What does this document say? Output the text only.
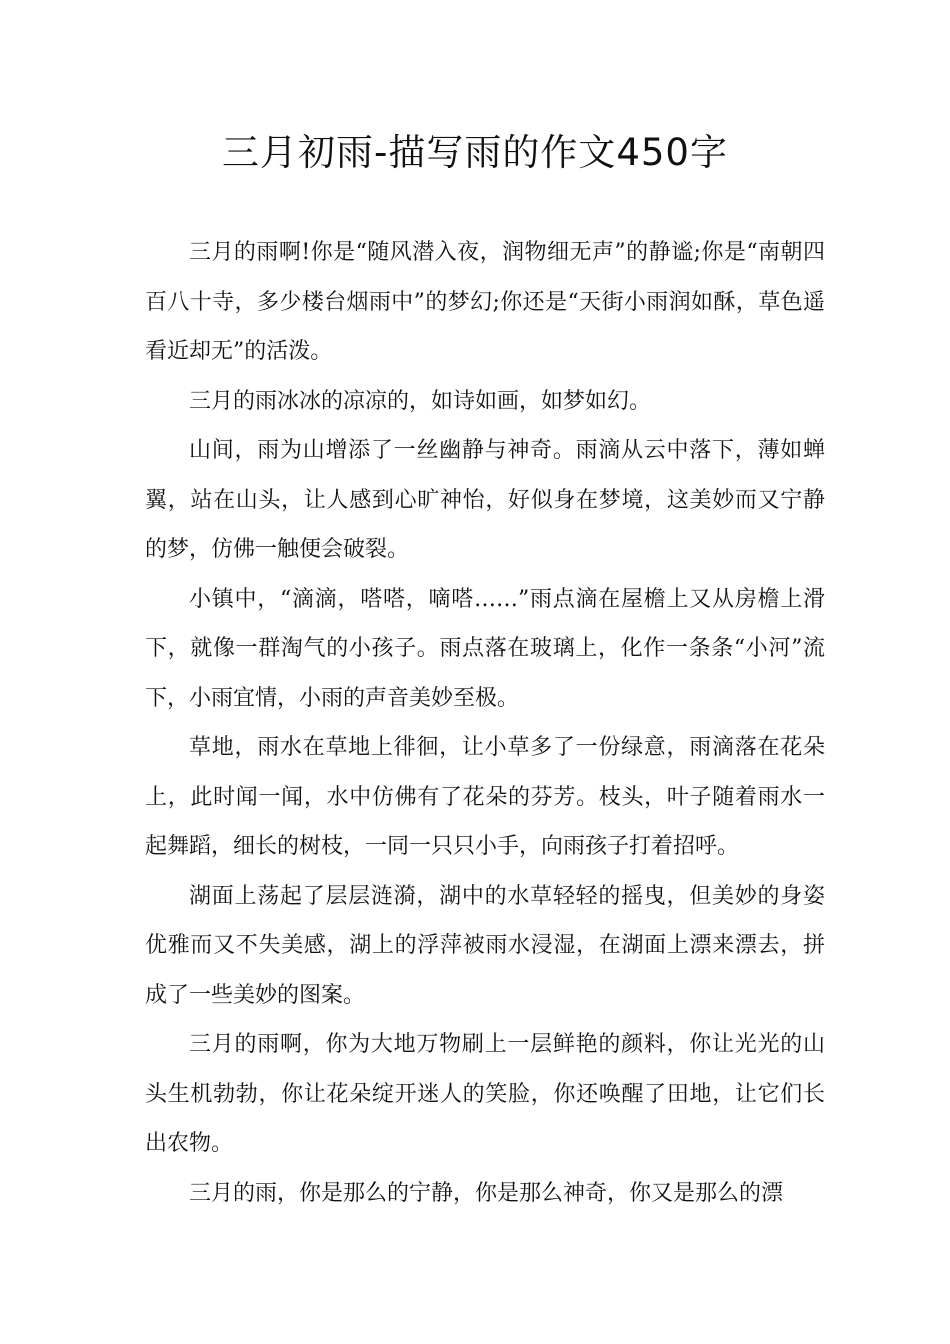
三月初雨-描写雨的作文450字

三月的雨啊!你是“随风潜入夜，润物细无声”的静谧;你是“南朝四百八十寺，多少楼台烟雨中”的梦幻;你还是“天街小雨润如酥，草色遥看近却无”的活泼。

三月的雨冰冰的凉凉的，如诗如画，如梦如幻。

山间，雨为山增添了一丝幽静与神奇。雨滴从云中落下，薄如蝉翼，站在山头，让人感到心旷神怡，好似身在梦境，这美妙而又宁静的梦，仿佛一触便会破裂。

小镇中，“滴滴，嗒嗒，嘀嗒……”雨点滴在屋檐上又从房檐上滑下，就像一群淘气的小孩子。雨点落在玻璃上，化作一条条“小河”流下，小雨宜情，小雨的声音美妙至极。

草地，雨水在草地上徘徊，让小草多了一份绿意，雨滴落在花朵上，此时闻一闻，水中仿佛有了花朵的芬芳。枝头，叶子随着雨水一起舞蹈，细长的树枝，一同一只只小手，向雨孩子打着招呼。

湖面上荡起了层层涟漪，湖中的水草轻轻的摇曳，但美妙的身姿优雅而又不失美感，湖上的浮萍被雨水浸湿，在湖面上漂来漂去，拼成了一些美妙的图案。

三月的雨啊，你为大地万物刷上一层鲜艳的颜料，你让光光的山头生机勃勃，你让花朵绽开迷人的笑脸，你还唤醒了田地，让它们长出农物。

三月的雨，你是那么的宁静，你是那么神奇，你又是那么的漂
